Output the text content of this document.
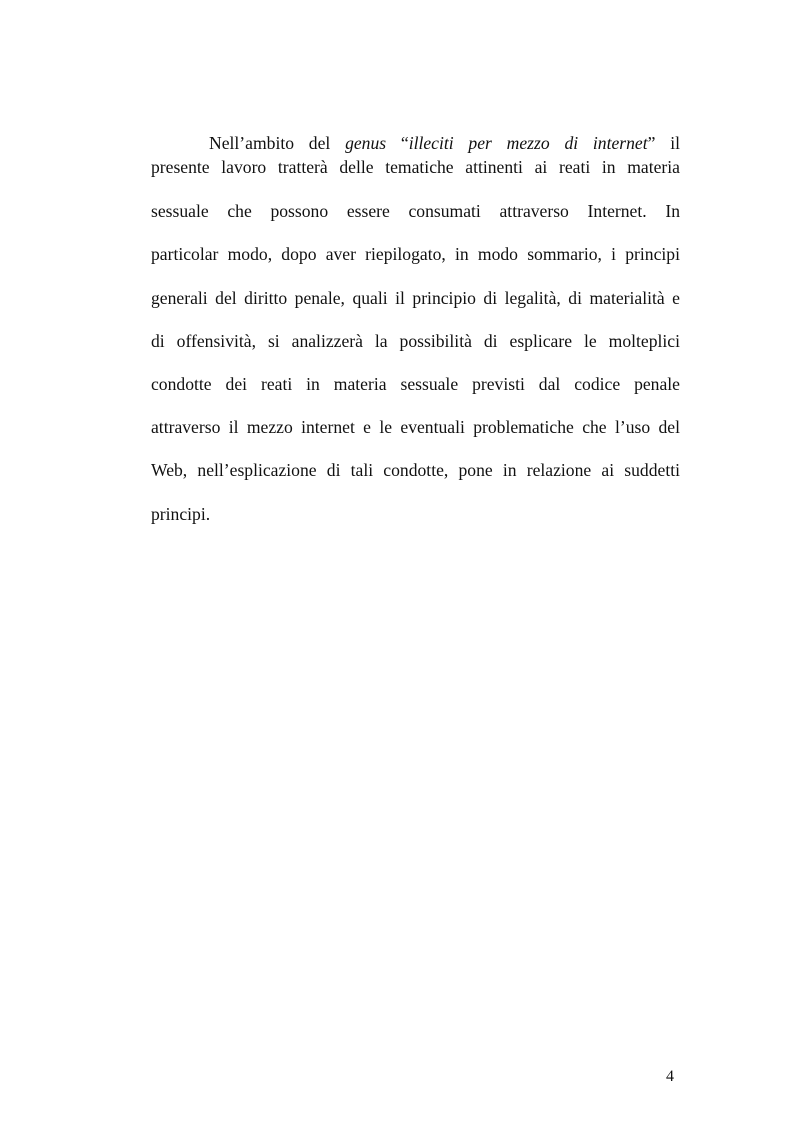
Nell’ambito del genus “illeciti per mezzo di internet” il
presente lavoro tratterà delle tematiche attinenti ai reati in materia
sessuale che possono essere consumati attraverso Internet. In
particolar modo, dopo aver riepilogato, in modo sommario, i principi
generali del diritto penale, quali il principio di legalità, di materialità e
di offensività, si analizzerà la possibilità di esplicare le molteplici
condotte dei reati in materia sessuale previsti dal codice penale
attraverso il mezzo internet e le eventuali problematiche che l’uso del
Web, nell’esplicazione di tali condotte, pone in relazione ai suddetti
principi.
4
